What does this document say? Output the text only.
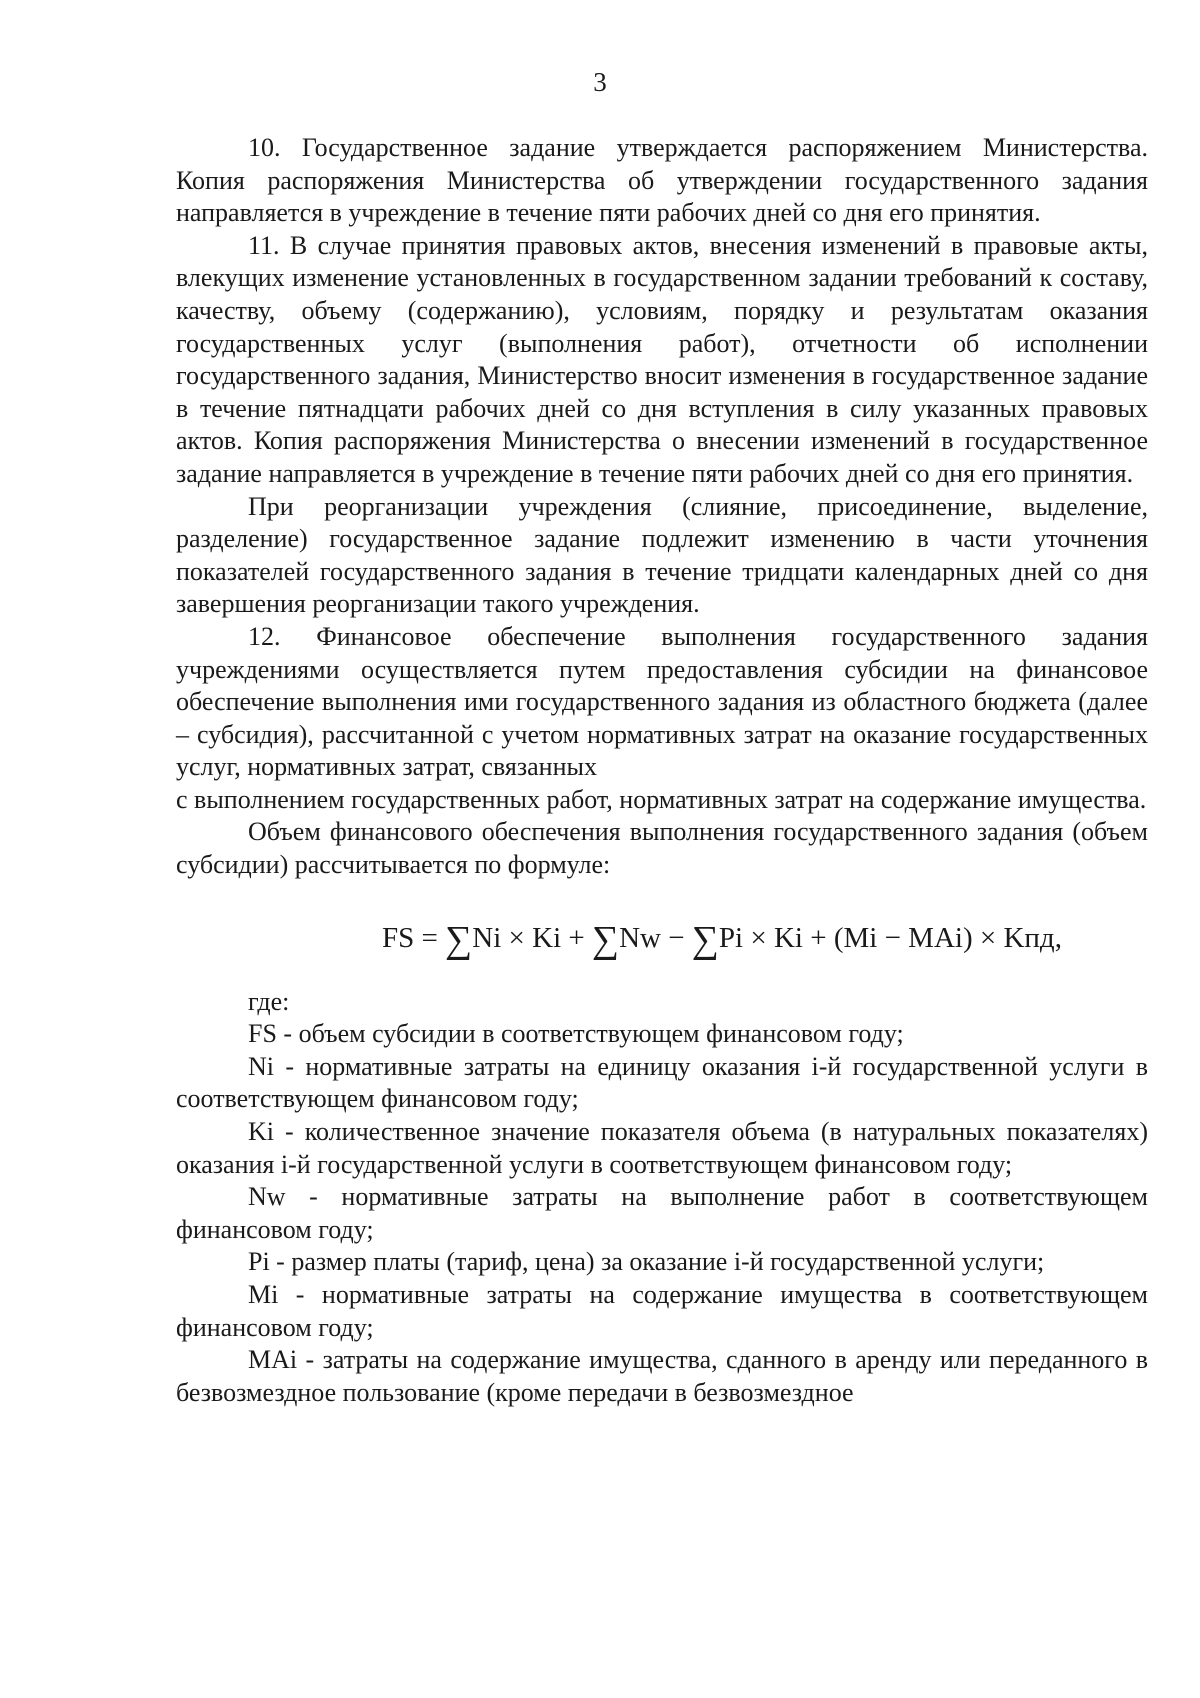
3

10. Государственное задание утверждается распоряжением Министерства. Копия распоряжения Министерства об утверждении государственного задания направляется в учреждение в течение пяти рабочих дней со дня его принятия.

11. В случае принятия правовых актов, внесения изменений в правовые акты, влекущих изменение установленных в государственном задании требований к составу, качеству, объему (содержанию), условиям, порядку и результатам оказания государственных услуг (выполнения работ), отчетности об исполнении государственного задания, Министерство вносит изменения в государственное задание в течение пятнадцати рабочих дней со дня вступления в силу указанных правовых актов. Копия распоряжения Министерства о внесении изменений в государственное задание направляется в учреждение в течение пяти рабочих дней со дня его принятия.

При реорганизации учреждения (слияние, присоединение, выделение, разделение) государственное задание подлежит изменению в части уточнения показателей государственного задания в течение тридцати календарных дней со дня завершения реорганизации такого учреждения.

12. Финансовое обеспечение выполнения государственного задания учреждениями осуществляется путем предоставления субсидии на финансовое обеспечение выполнения ими государственного задания из областного бюджета (далее – субсидия), рассчитанной с учетом нормативных затрат на оказание государственных услуг, нормативных затрат, связанных

с выполнением государственных работ, нормативных затрат на содержание имущества.

Объем финансового обеспечения выполнения государственного задания (объем субсидии) рассчитывается по формуле:

FS = ∑Ni × Ki + ∑Nw − ∑Pi × Ki + (Mi − MAi) × Kпд,

где:

FS - объем субсидии в соответствующем финансовом году;

Ni - нормативные затраты на единицу оказания i-й государственной услуги в соответствующем финансовом году;

Ki - количественное значение показателя объема (в натуральных показателях) оказания i-й государственной услуги в соответствующем финансовом году;

Nw - нормативные затраты на выполнение работ в соответствующем финансовом году;

Pi - размер платы (тариф, цена) за оказание i-й государственной услуги;

Mi - нормативные затраты на содержание имущества в соответствующем финансовом году;

MAi - затраты на содержание имущества, сданного в аренду или переданного в безвозмездное пользование (кроме передачи в безвозмездное
